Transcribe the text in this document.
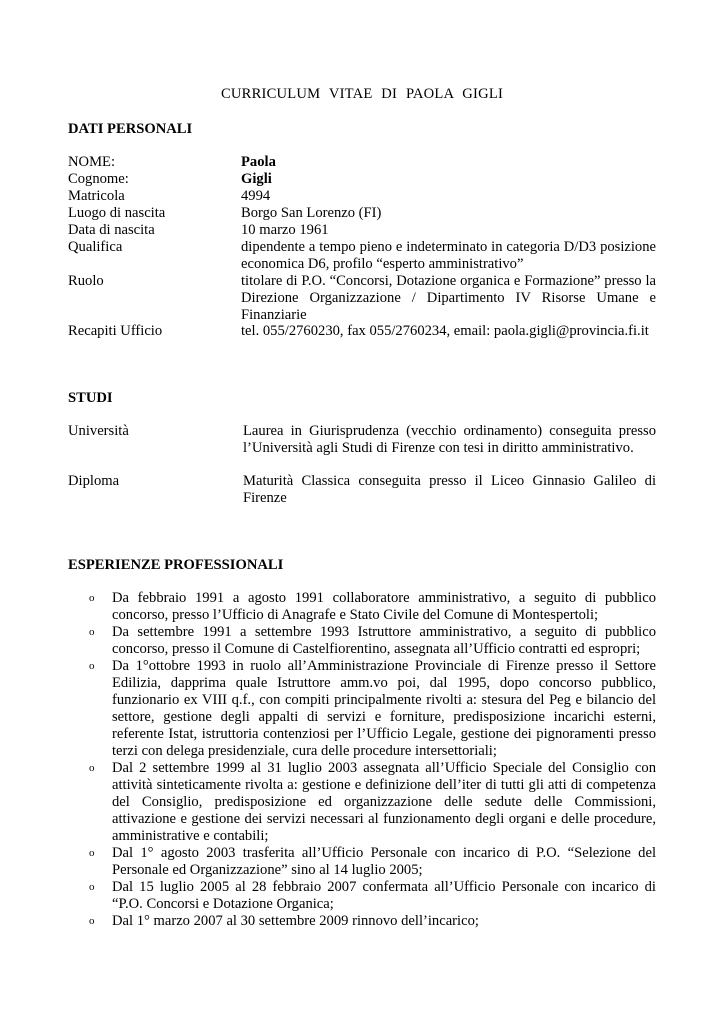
CURRICULUM VITAE DI PAOLA GIGLI
DATI PERSONALI
NOME:	Paola
Cognome:	Gigli
Matricola	4994
Luogo di nascita	Borgo San Lorenzo (FI)
Data di nascita	10 marzo 1961
Qualifica	dipendente a tempo pieno e indeterminato in categoria D/D3 posizione economica D6, profilo “esperto amministrativo”
Ruolo	titolare di P.O. “Concorsi, Dotazione organica e Formazione” presso la Direzione Organizzazione / Dipartimento IV Risorse Umane e Finanziarie
Recapiti Ufficio	tel. 055/2760230, fax 055/2760234, email: paola.gigli@provincia.fi.it
STUDI
Università	Laurea in Giurisprudenza (vecchio ordinamento) conseguita presso l’Università agli Studi di Firenze con tesi in diritto amministrativo.
Diploma	Maturità Classica conseguita presso il Liceo Ginnasio Galileo di Firenze
ESPERIENZE PROFESSIONALI
o Da febbraio 1991 a agosto 1991 collaboratore amministrativo, a seguito di pubblico concorso, presso l’Ufficio di Anagrafe e Stato Civile del Comune di Montespertoli;
o Da settembre 1991 a settembre 1993 Istruttore amministrativo, a seguito di pubblico concorso, presso il Comune di Castelfiorentino, assegnata all’Ufficio contratti ed espropri;
o Da 1°ottobre 1993 in ruolo all’Amministrazione Provinciale di Firenze presso il Settore Edilizia, dapprima quale Istruttore amm.vo poi, dal 1995, dopo concorso pubblico, funzionario ex VIII q.f., con compiti principalmente rivolti a: stesura del Peg e bilancio del settore, gestione degli appalti di servizi e forniture, predisposizione incarichi esterni, referente Istat, istruttoria contenziosi per l’Ufficio Legale, gestione dei pignoramenti presso terzi con delega presidenziale, cura delle procedure intersettoriali;
o Dal 2 settembre 1999 al 31 luglio 2003 assegnata all’Ufficio Speciale del Consiglio con attività sinteticamente rivolta a: gestione e definizione dell’iter di tutti gli atti di competenza del Consiglio, predisposizione ed organizzazione delle sedute delle Commissioni, attivazione e gestione dei servizi necessari al funzionamento degli organi e delle procedure, amministrative e contabili;
o Dal 1° agosto 2003 trasferita all’Ufficio Personale con incarico di P.O. “Selezione del Personale ed Organizzazione” sino al 14 luglio 2005;
o Dal 15 luglio 2005 al 28 febbraio 2007 confermata all’Ufficio Personale con incarico di “P.O. Concorsi e Dotazione Organica;
o Dal 1° marzo 2007 al 30 settembre 2009 rinnovo dell’incarico;
